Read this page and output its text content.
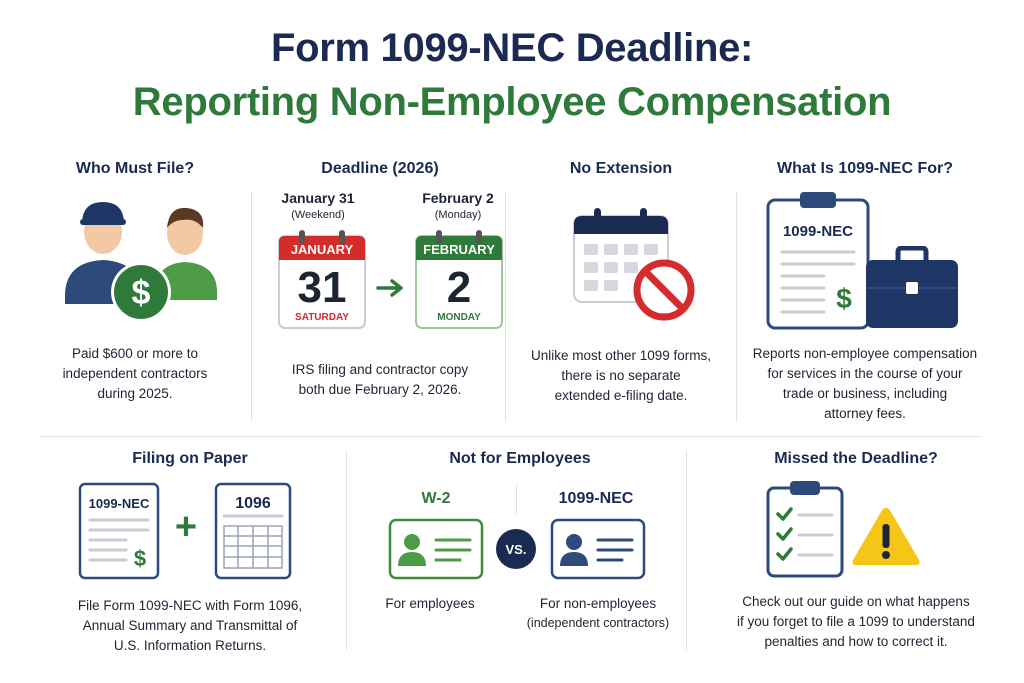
Form 1099-NEC Deadline:
Reporting Non-Employee Compensation
Who Must File?
$
Paid $600 or more to
independent contractors
during 2025.
Deadline (2026)
January 31
(Weekend)
February 2
(Monday)
JANUARY
31
SATURDAY
FEBRUARY
2
MONDAY
IRS filing and contractor copy
both due February 2, 2026.
No Extension
Unlike most other 1099 forms,
there is no separate
extended e-filing date.
What Is 1099-NEC For?
1099-NEC
$
Reports non-employee compensation
for services in the course of your
trade or business, including
attorney fees.
Filing on Paper
1099-NEC
$
+
1096
File Form 1099-NEC with Form 1096,
Annual Summary and Transmittal of
U.S. Information Returns.
Not for Employees
W-2	1099-NEC
VS.
For employees	For non-employees
(independent contractors)
Missed the Deadline?
Check out our guide on what happens
if you forget to file a 1099 to understand
penalties and how to correct it.
